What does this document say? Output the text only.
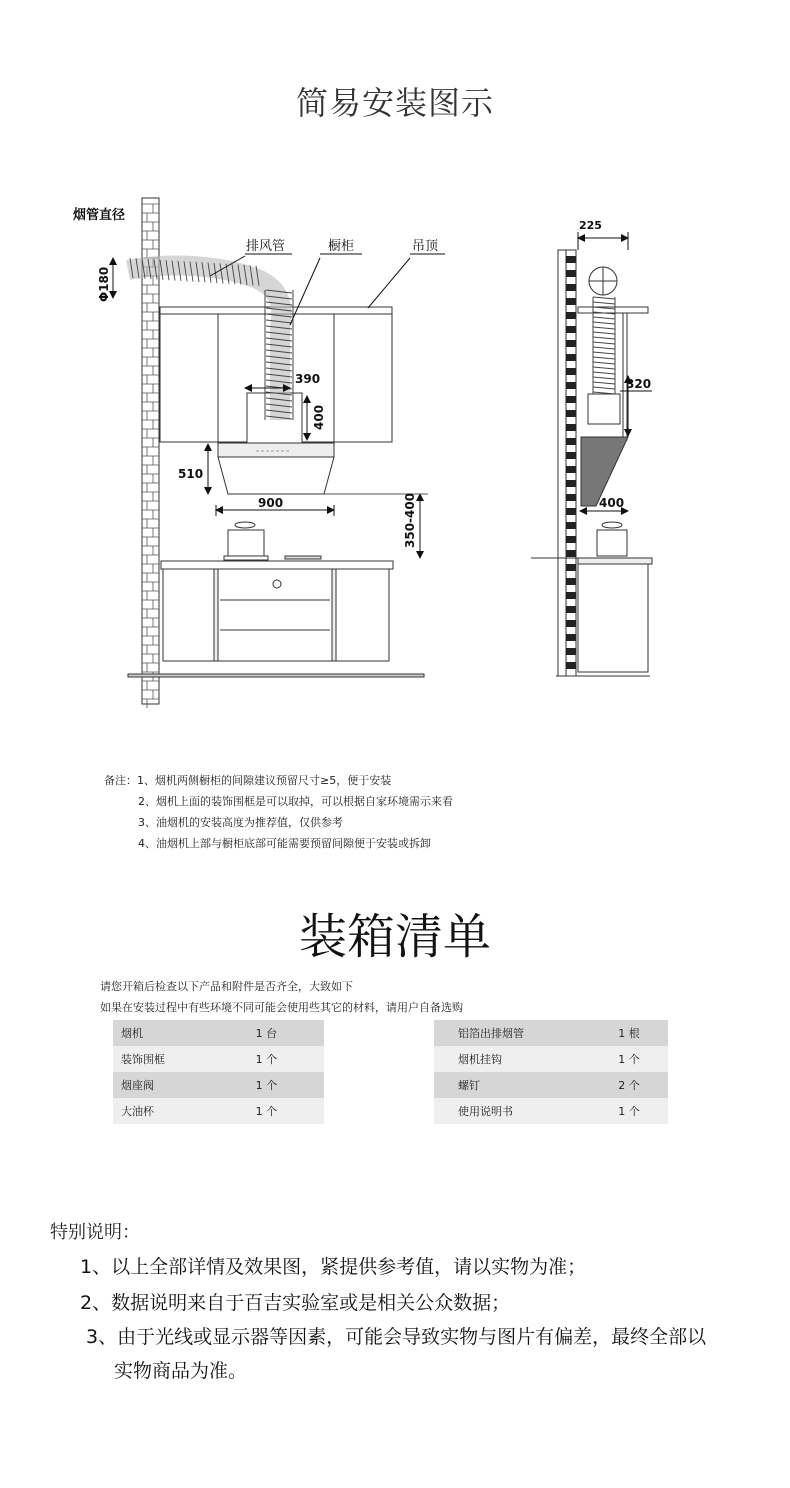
简易安装图示
烟管直径
Φ180
排风管	橱柜	吊顶
390
400
510
900	350-400
225
320
400
备注：1、烟机两侧橱柜的间隙建议预留尺寸≥5，便于安装
2、烟机上面的装饰围框是可以取掉，可以根据自家环境需示来看
3、油烟机的安装高度为推荐值，仅供参考
4、油烟机上部与橱柜底部可能需要预留间隙便于安装或拆卸
装箱清单
请您开箱后检查以下产品和附件是否齐全，大致如下
如果在安装过程中有些环境不同可能会使用些其它的材料，请用户自备选购
烟机	1 台
装饰围框	1 个
烟座阀	1 个
大油杯	1 个
铝箔出排烟管	1 根
烟机挂钩	1 个
螺钉	2 个
使用说明书	1 个
特别说明：
1、以上全部详情及效果图，紧提供参考值，请以实物为准；
2、数据说明来自于百吉实验室或是相关公众数据；
3、由于光线或显示器等因素，可能会导致实物与图片有偏差，最终全部以
实物商品为准。
